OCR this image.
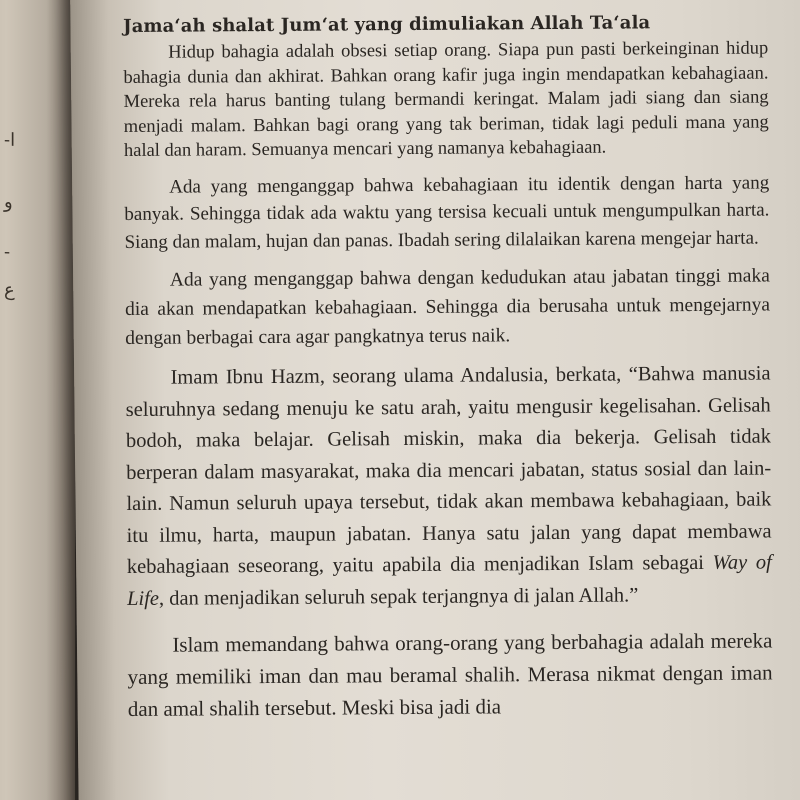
-ا
و
-
ع
Jamaʻah shalat Jumʻat yang dimuliakan Allah Taʻala

Hidup bahagia adalah obsesi setiap orang. Siapa pun pasti berkeinginan hidup bahagia dunia dan akhirat. Bahkan orang kafir juga ingin mendapatkan kebahagiaan. Mereka rela harus banting tulang bermandi keringat. Malam jadi siang dan siang menjadi malam. Bahkan bagi orang yang tak beriman, tidak lagi peduli mana yang halal dan haram. Semuanya mencari yang namanya kebahagiaan.

Ada yang menganggap bahwa kebahagiaan itu identik dengan harta yang banyak. Sehingga tidak ada waktu yang tersisa kecuali untuk mengumpulkan harta. Siang dan malam, hujan dan panas. Ibadah sering dilalaikan karena mengejar harta.

Ada yang menganggap bahwa dengan kedudukan atau jabatan tinggi maka dia akan mendapatkan kebahagiaan. Sehingga dia berusaha untuk mengejarnya dengan berbagai cara agar pangkatnya terus naik.

Imam Ibnu Hazm, seorang ulama Andalusia, berkata, “Bahwa manusia seluruhnya sedang menuju ke satu arah, yaitu mengusir kegelisahan. Gelisah bodoh, maka belajar. Gelisah miskin, maka dia bekerja. Gelisah tidak berperan dalam masyarakat, maka dia mencari jabatan, status sosial dan lain-lain. Namun seluruh upaya tersebut, tidak akan membawa kebahagiaan, baik itu ilmu, harta, maupun jabatan. Hanya satu jalan yang dapat membawa kebahagiaan seseorang, yaitu apabila dia menjadikan Islam sebagai Way of Life, dan menjadikan seluruh sepak terjangnya di jalan Allah.”

Islam memandang bahwa orang-orang yang berbahagia adalah mereka yang memiliki iman dan mau beramal shalih. Merasa nikmat dengan iman dan amal shalih tersebut. Meski bisa jadi dia
